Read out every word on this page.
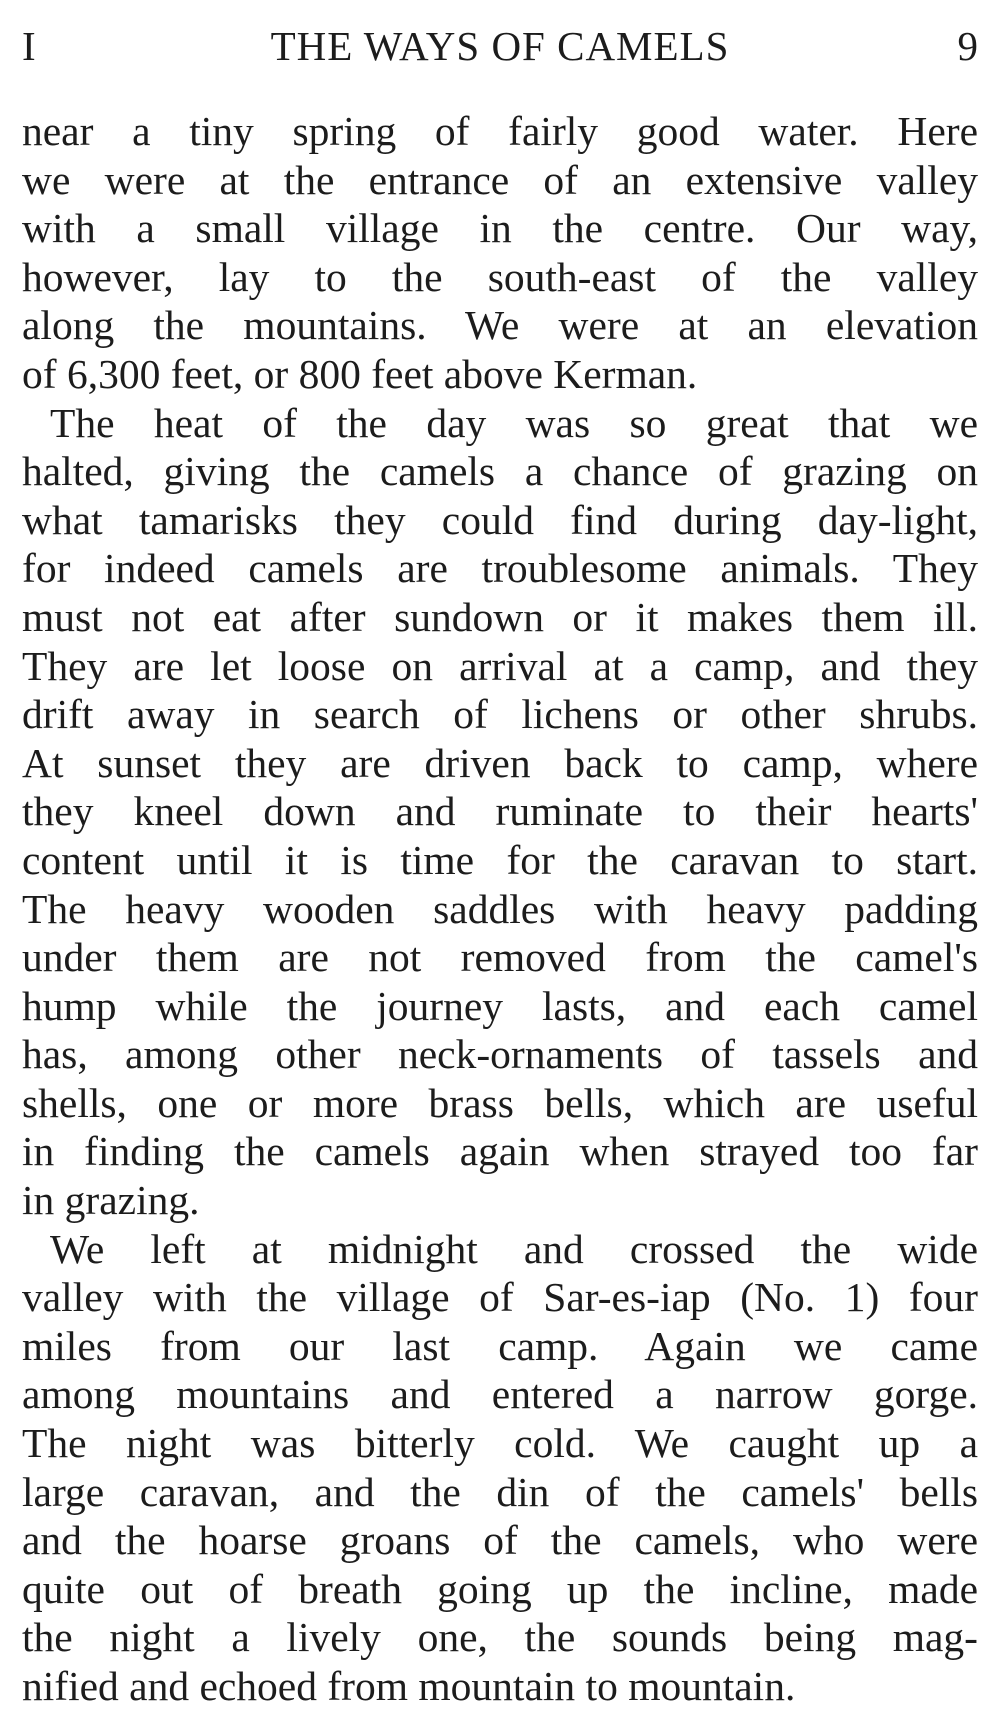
I	THE WAYS OF CAMELS	9
near a tiny spring of fairly good water. Here
we were at the entrance of an extensive valley
with a small village in the centre. Our way,
however, lay to the south-east of the valley
along the mountains. We were at an elevation
of 6,300 feet, or 800 feet above Kerman.
The heat of the day was so great that we
halted, giving the camels a chance of grazing on
what tamarisks they could find during day-light,
for indeed camels are troublesome animals. They
must not eat after sundown or it makes them ill.
They are let loose on arrival at a camp, and they
drift away in search of lichens or other shrubs.
At sunset they are driven back to camp, where
they kneel down and ruminate to their hearts'
content until it is time for the caravan to start.
The heavy wooden saddles with heavy padding
under them are not removed from the camel's
hump while the journey lasts, and each camel
has, among other neck-ornaments of tassels and
shells, one or more brass bells, which are useful
in finding the camels again when strayed too far
in grazing.
We left at midnight and crossed the wide
valley with the village of Sar-es-iap (No. 1) four
miles from our last camp. Again we came
among mountains and entered a narrow gorge.
The night was bitterly cold. We caught up a
large caravan, and the din of the camels' bells
and the hoarse groans of the camels, who were
quite out of breath going up the incline, made
the night a lively one, the sounds being mag-
nified and echoed from mountain to mountain.
